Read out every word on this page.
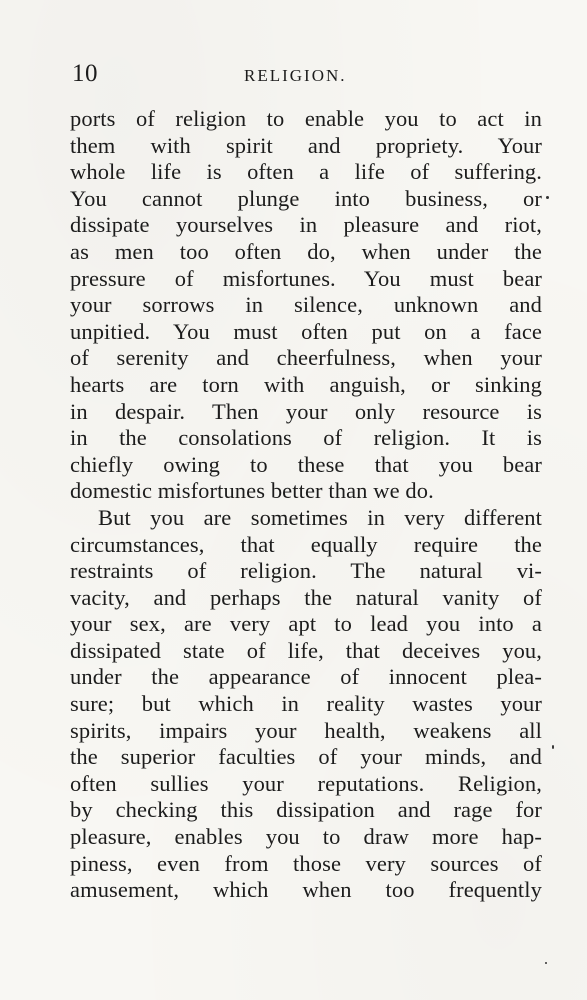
10	RELIGION.
ports of religion to enable you to act in
them with spirit and propriety. Your
whole life is often a life of suffering.
You cannot plunge into business, or
dissipate yourselves in pleasure and riot,
as men too often do, when under the
pressure of misfortunes. You must bear
your sorrows in silence, unknown and
unpitied. You must often put on a face
of serenity and cheerfulness, when your
hearts are torn with anguish, or sinking
in despair. Then your only resource is
in the consolations of religion. It is
chiefly owing to these that you bear
domestic misfortunes better than we do.
But you are sometimes in very different
circumstances, that equally require the
restraints of religion. The natural vi-
vacity, and perhaps the natural vanity of
your sex, are very apt to lead you into a
dissipated state of life, that deceives you,
under the appearance of innocent plea-
sure; but which in reality wastes your
spirits, impairs your health, weakens all
the superior faculties of your minds, and
often sullies your reputations. Religion,
by checking this dissipation and rage for
pleasure, enables you to draw more hap-
piness, even from those very sources of
amusement, which when too frequently
